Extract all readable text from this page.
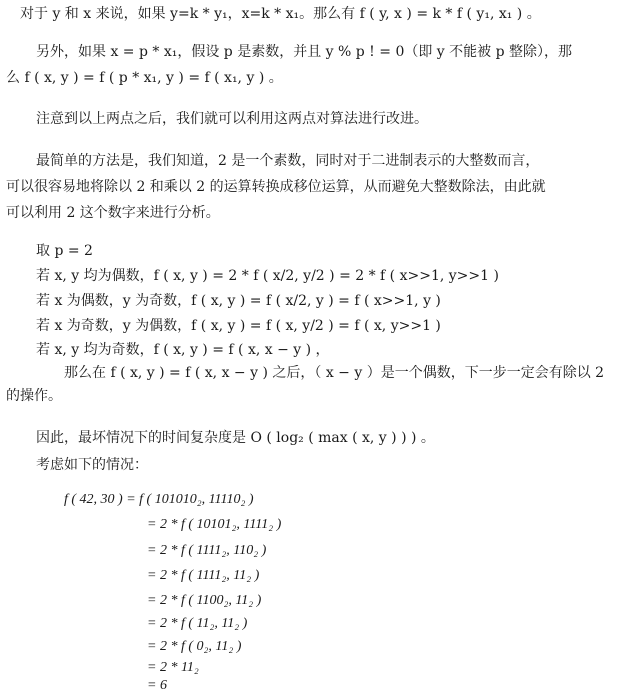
对于 y 和 x 来说，如果 y=k * y₁，x=k * x₁。那么有 f ( y, x ) = k * f ( y₁, x₁ ) 。
另外，如果 x = p * x₁，假设 p 是素数，并且 y % p ! = 0（即 y 不能被 p 整除），那
么 f ( x, y ) = f ( p * x₁, y ) = f ( x₁, y ) 。
注意到以上两点之后，我们就可以利用这两点对算法进行改进。
最简单的方法是，我们知道，2 是一个素数，同时对于二进制表示的大整数而言，
可以很容易地将除以 2 和乘以 2 的运算转换成移位运算，从而避免大整数除法，由此就
可以利用 2 这个数字来进行分析。
取 p = 2
若 x, y 均为偶数，f ( x, y ) = 2 * f ( x/2, y/2 ) = 2 * f ( x>>1, y>>1 )
若 x 为偶数，y 为奇数，f ( x, y ) = f ( x/2, y ) = f ( x>>1, y )
若 x 为奇数，y 为偶数，f ( x, y ) = f ( x, y/2 ) = f ( x, y>>1 )
若 x, y 均为奇数，f ( x, y ) = f ( x, x − y ) ，
那么在 f ( x, y ) = f ( x, x − y ) 之后，（ x − y ）是一个偶数，下一步一定会有除以 2
的操作。
因此，最坏情况下的时间复杂度是 O ( log₂ ( max ( x, y ) ) ) 。
考虑如下的情况：
f ( 42, 30 ) = f ( 101010₂, 11110₂ )
= 2 * f ( 10101₂, 1111₂ )
= 2 * f ( 1111₂, 110₂ )
= 2 * f ( 1111₂, 11₂ )
= 2 * f ( 1100₂, 11₂ )
= 2 * f ( 11₂, 11₂ )
= 2 * f ( 0₂, 11₂ )
= 2 * 11₂
= 6
